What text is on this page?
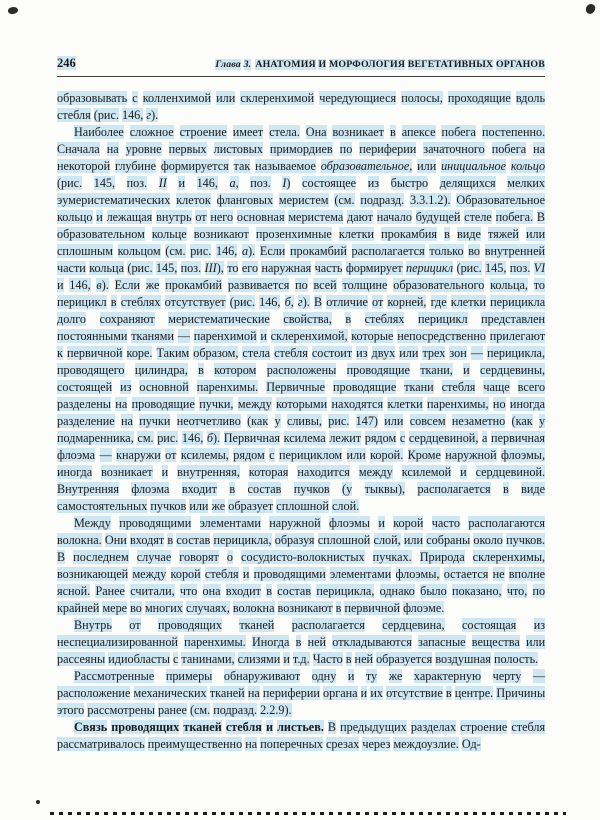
246	Глава 3. АНАТОМИЯ И МОРФОЛОГИЯ ВЕГЕТАТИВНЫХ ОРГАНОВ

образовывать с колленхимой или склеренхимой чередующиеся полосы, проходящие вдоль стебля (рис. 146, г).

Наиболее сложное строение имеет стела. Она возникает в апексе побега постепенно. Сначала на уровне первых листовых примордиев по периферии зачаточного побега на некоторой глубине формируется так называемое образовательное, или инициальное кольцо (рис. 145, поз. II и 146, а, поз. I) состоящее из быстро делящихся мелких эумеристематических клеток фланговых меристем (см. подразд. 3.3.1.2). Образовательное кольцо и лежащая внутрь от него основная меристема дают начало будущей стеле побега. В образовательном кольце возникают прозенхимные клетки прокамбия в виде тяжей или сплошным кольцом (см. рис. 146, а). Если прокамбий располагается только во внутренней части кольца (рис. 145, поз. III), то его наружная часть формирует перицикл (рис. 145, поз. VI и 146, в). Если же прокамбий развивается по всей толщине образовательного кольца, то перицикл в стеблях отсутствует (рис. 146, б, г). В отличие от корней, где клетки перицикла долго сохраняют меристематические свойства, в стеблях перицикл представлен постоянными тканями — паренхимой и склеренхимой, которые непосредственно прилегают к первичной коре. Таким образом, стела стебля состоит из двух или трех зон — перицикла, проводящего цилиндра, в котором расположены проводящие ткани, и сердцевины, состоящей из основной паренхимы. Первичные проводящие ткани стебля чаще всего разделены на проводящие пучки, между которыми находятся клетки паренхимы, но иногда разделение на пучки неотчетливо (как у сливы, рис. 147) или совсем незаметно (как у подмаренника, см. рис. 146, б). Первичная ксилема лежит рядом с сердцевиной, а первичная флоэма — кнаружи от ксилемы, рядом с перициклом или корой. Кроме наружной флоэмы, иногда возникает и внутренняя, которая находится между ксилемой и сердцевиной. Внутренняя флоэма входит в состав пучков (у тыквы), располагается в виде самостоятельных пучков или же образует сплошной слой.

Между проводящими элементами наружной флоэмы и корой часто располагаются волокна. Они входят в состав перицикла, образуя сплошной слой, или собраны около пучков. В последнем случае говорят о сосудисто-волокнистых пучках. Природа склеренхимы, возникающей между корой стебля и проводящими элементами флоэмы, остается не вполне ясной. Ранее считали, что она входит в состав перицикла, однако было показано, что, по крайней мере во многих случаях, волокна возникают в первичной флоэме.

Внутрь от проводящих тканей располагается сердцевина, состоящая из неспециализированной паренхимы. Иногда в ней откладываются запасные вещества или рассеяны идиобласты с танинами, слизями и т.д. Часто в ней образуется воздушная полость.

Рассмотренные примеры обнаруживают одну и ту же характерную черту — расположение механических тканей на периферии органа и их отсутствие в центре. Причины этого рассмотрены ранее (см. подразд. 2.2.9).

Связь проводящих тканей стебля и листьев. В предыдущих разделах строение стебля рассматривалось преимущественно на поперечных срезах через междоузлие. Од-
